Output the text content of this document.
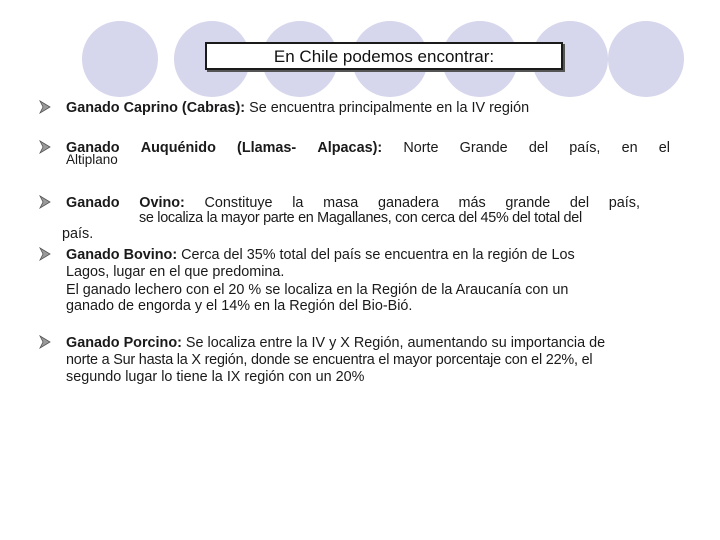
En Chile podemos encontrar:
Ganado Caprino (Cabras): Se encuentra principalmente en la IV región
Ganado Auquénido (Llamas- Alpacas): Norte Grande del país, en el
Altiplano
Ganado Ovino: Constituye la masa ganadera más grande del país,
se localiza la mayor parte en Magallanes, con cerca del 45% del total del
país.
Ganado Bovino: Cerca del 35% total del país se encuentra en la región de Los
Lagos, lugar en el que predomina.
El ganado lechero con el 20 % se localiza en la Región de la Araucanía con un
ganado de engorda y el 14% en la Región del Bio-Bió.
Ganado Porcino: Se localiza entre la IV y X Región, aumentando su importancia de
norte a Sur hasta la X región, donde se encuentra el mayor porcentaje con el 22%, el
segundo lugar lo tiene la IX región con un 20%
